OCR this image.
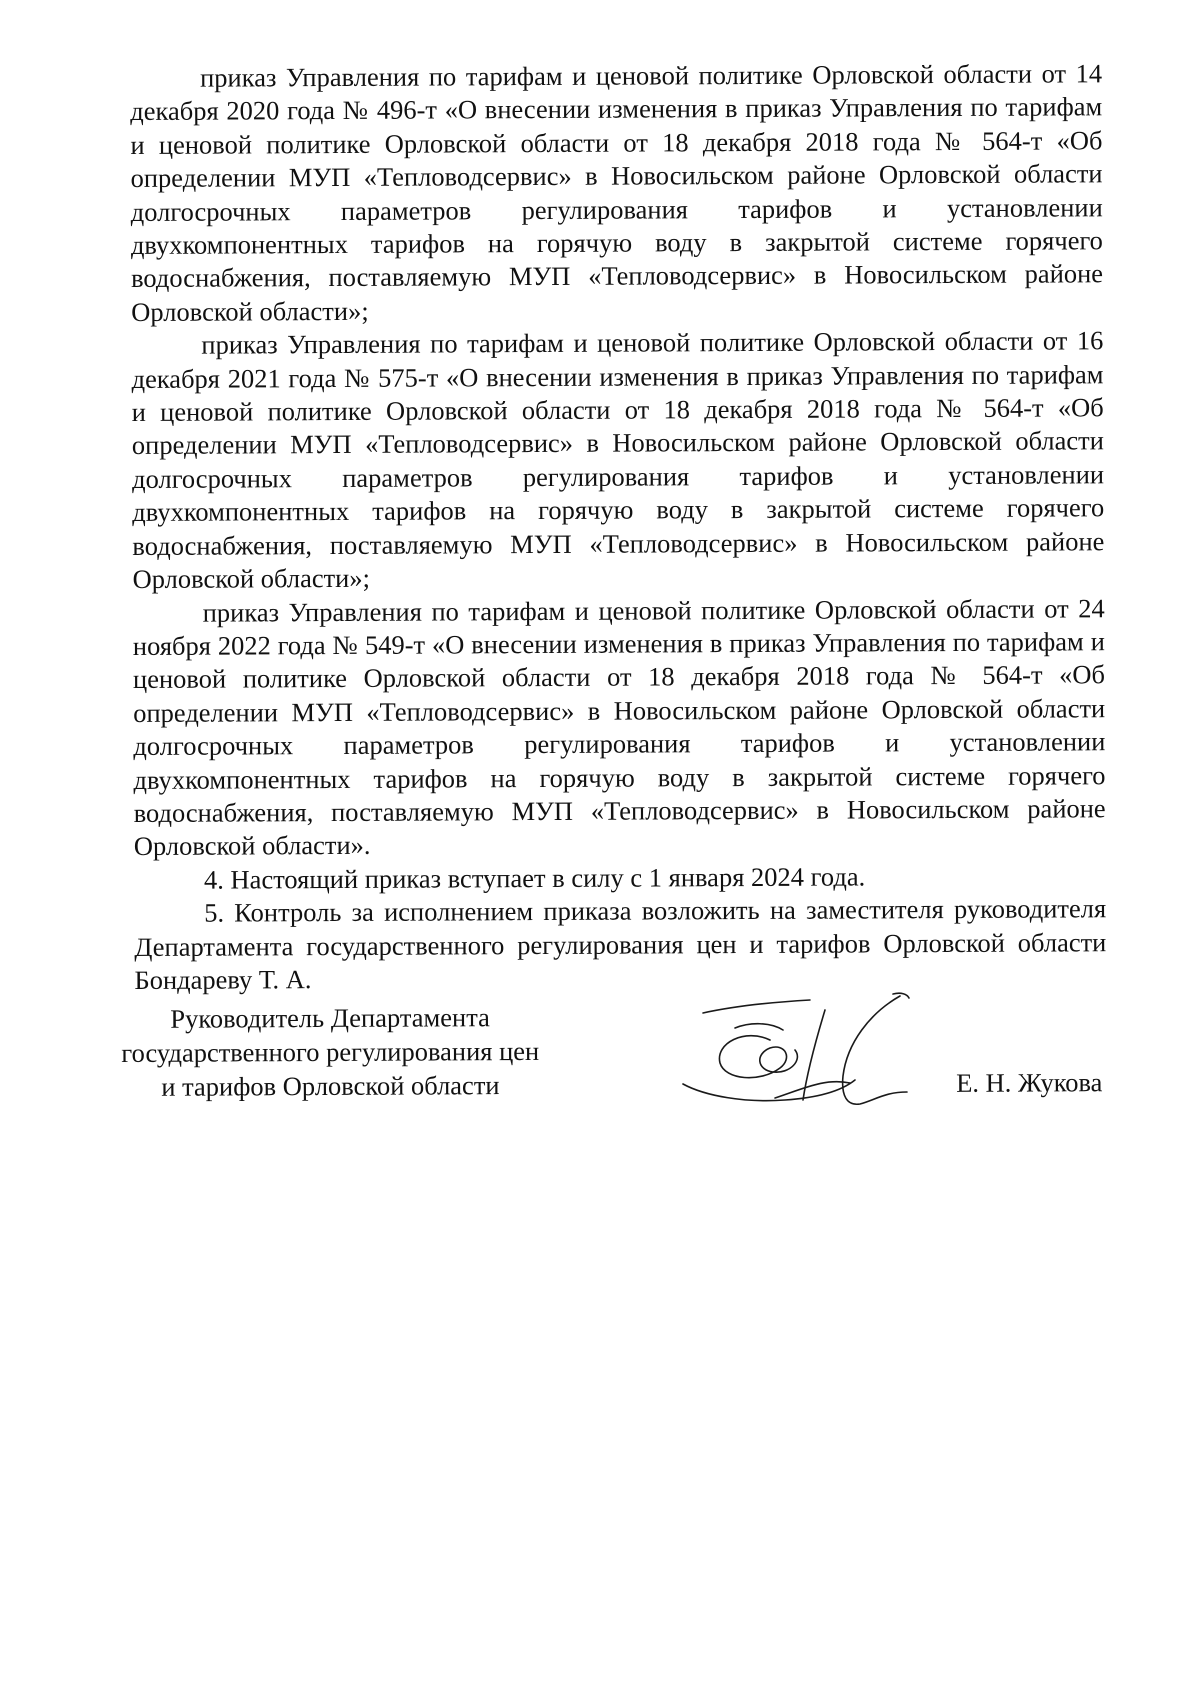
приказ Управления по тарифам и ценовой политике Орловской области от 14 декабря 2020 года № 496-т «О внесении изменения в приказ Управления по тарифам и ценовой политике Орловской области от 18 декабря 2018 года № 564-т «Об определении МУП «Тепловодсервис» в Новосильском районе Орловской области долгосрочных параметров регулирования тарифов и установлении двухкомпонентных тарифов на горячую воду в закрытой системе горячего водоснабжения, поставляемую МУП «Тепловодсервис» в Новосильском районе Орловской области»;

приказ Управления по тарифам и ценовой политике Орловской области от 16 декабря 2021 года № 575-т «О внесении изменения в приказ Управления по тарифам и ценовой политике Орловской области от 18 декабря 2018 года № 564-т «Об определении МУП «Тепловодсервис» в Новосильском районе Орловской области долгосрочных параметров регулирования тарифов и установлении двухкомпонентных тарифов на горячую воду в закрытой системе горячего водоснабжения, поставляемую МУП «Тепловодсервис» в Новосильском районе Орловской области»;

приказ Управления по тарифам и ценовой политике Орловской области от 24 ноября 2022 года № 549-т «О внесении изменения в приказ Управления по тарифам и ценовой политике Орловской области от 18 декабря 2018 года № 564-т «Об определении МУП «Тепловодсервис» в Новосильском районе Орловской области долгосрочных параметров регулирования тарифов и установлении двухкомпонентных тарифов на горячую воду в закрытой системе горячего водоснабжения, поставляемую МУП «Тепловодсервис» в Новосильском районе Орловской области».

4. Настоящий приказ вступает в силу с 1 января 2024 года.

5. Контроль за исполнением приказа возложить на заместителя руководителя Департамента государственного регулирования цен и тарифов Орловской области Бондареву Т. А.

Руководитель Департамента
государственного регулирования цен
и тарифов Орловской области	Е. Н. Жукова
